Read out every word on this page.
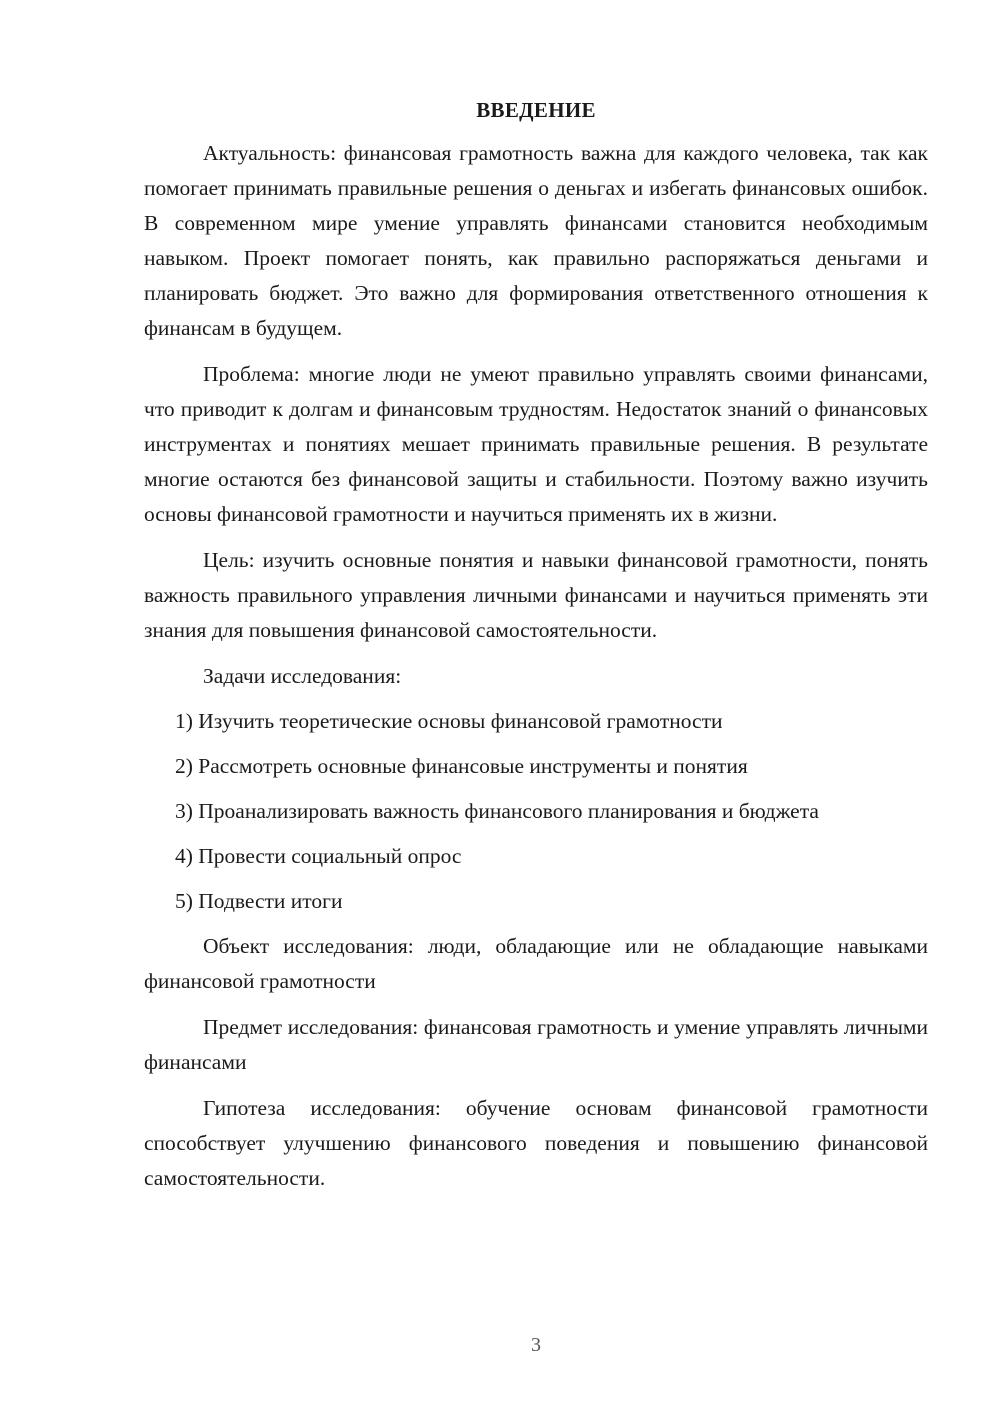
ВВЕДЕНИЕ

Актуальность: финансовая грамотность важна для каждого человека, так как помогает принимать правильные решения о деньгах и избегать финансовых ошибок. В современном мире умение управлять финансами становится необходимым навыком. Проект помогает понять, как правильно распоряжаться деньгами и планировать бюджет. Это важно для формирования ответственного отношения к финансам в будущем.

Проблема: многие люди не умеют правильно управлять своими финансами, что приводит к долгам и финансовым трудностям. Недостаток знаний о финансовых инструментах и понятиях мешает принимать правильные решения. В результате многие остаются без финансовой защиты и стабильности. Поэтому важно изучить основы финансовой грамотности и научиться применять их в жизни.

Цель: изучить основные понятия и навыки финансовой грамотности, понять важность правильного управления личными финансами и научиться применять эти знания для повышения финансовой самостоятельности.

Задачи исследования:
1) Изучить теоретические основы финансовой грамотности
2) Рассмотреть основные финансовые инструменты и понятия
3) Проанализировать важность финансового планирования и бюджета
4) Провести социальный опрос
5) Подвести итоги

Объект исследования: люди, обладающие или не обладающие навыками финансовой грамотности

Предмет исследования: финансовая грамотность и умение управлять личными финансами

Гипотеза исследования: обучение основам финансовой грамотности способствует улучшению финансового поведения и повышению финансовой самостоятельности.

3
